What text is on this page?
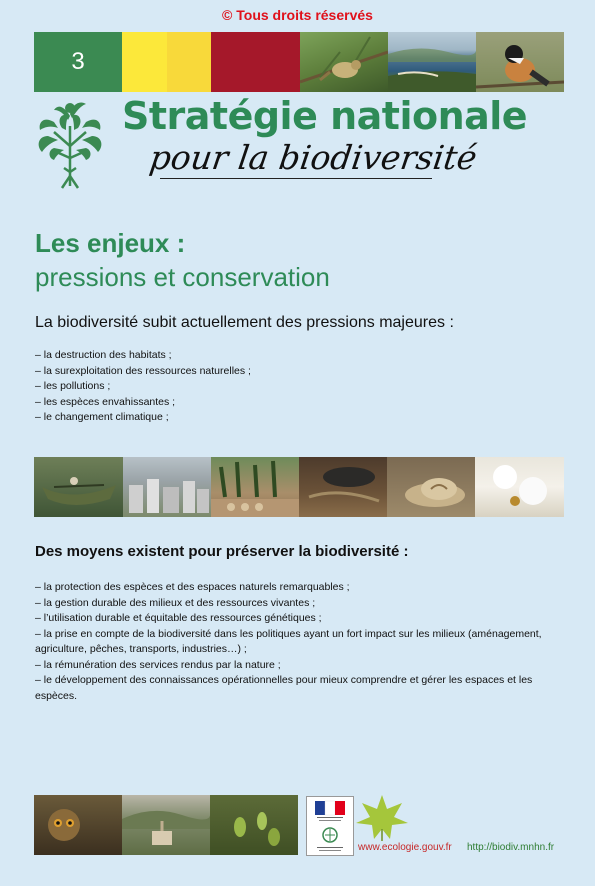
© Tous droits réservés
3
Stratégie nationale
pour la biodiversité
Les enjeux :
pressions et conservation
La biodiversité subit actuellement des pressions majeures :
– la destruction des habitats ;
– la surexploitation des ressources naturelles ;
– les pollutions ;
– les espèces envahissantes ;
– le changement climatique ;
Des moyens existent pour préserver la biodiversité :
– la protection des espèces et des espaces naturels remarquables ;
– la gestion durable des milieux et des ressources vivantes ;
– l’utilisation durable et équitable des ressources génétiques ;
– la prise en compte de la biodiversité dans les politiques ayant un fort impact sur les milieux (aménagement, agriculture, pêches, transports, industries…) ;
– la rémunération des services rendus par la nature ;
– le développement des connaissances opérationnelles pour mieux comprendre et gérer les espaces et les espèces.
www.ecologie.gouv.fr http://biodiv.mnhn.fr
